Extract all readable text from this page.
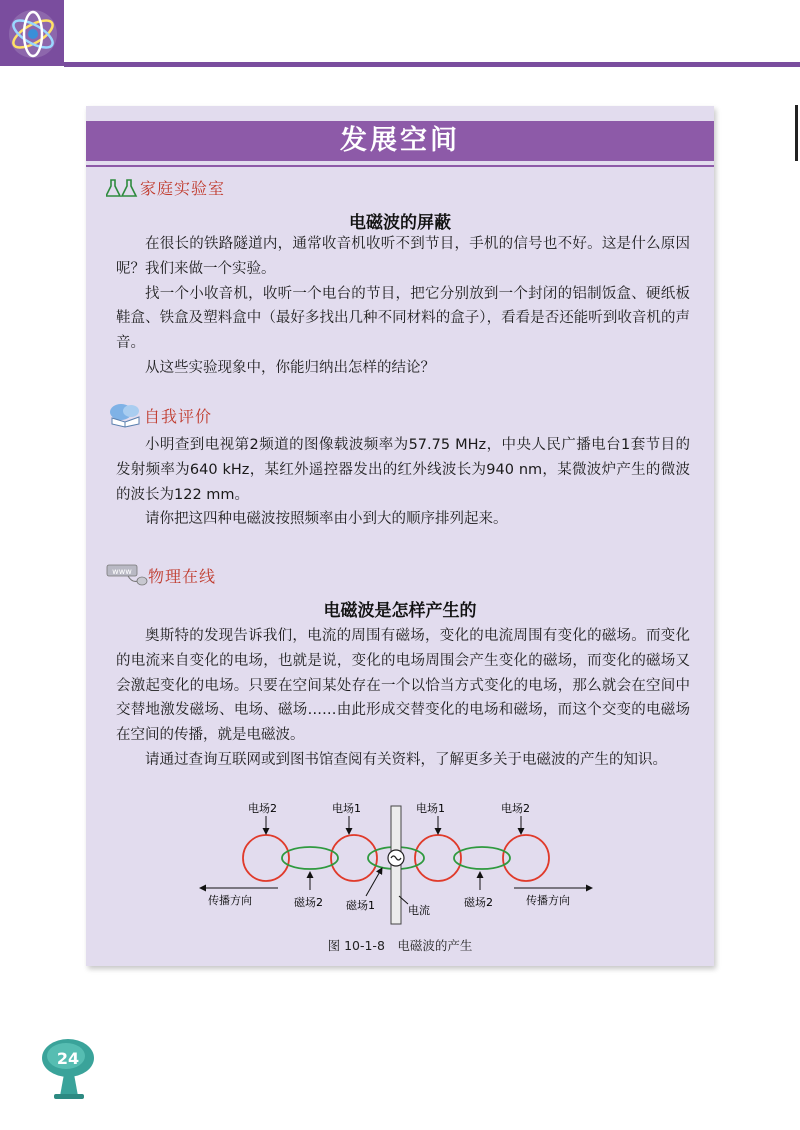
发展空间
家庭实验室
电磁波的屏蔽

在很长的铁路隧道内，通常收音机收听不到节目，手机的信号也不好。这是什么原因呢？我们来做一个实验。

找一个小收音机，收听一个电台的节目，把它分别放到一个封闭的铝制饭盒、硬纸板鞋盒、铁盒及塑料盒中（最好多找出几种不同材料的盒子），看看是否还能听到收音机的声音。

从这些实验现象中，你能归纳出怎样的结论？

自我评价

小明查到电视第2频道的图像载波频率为57.75 MHz，中央人民广播电台1套节目的发射频率为640 kHz，某红外遥控器发出的红外线波长为940 nm，某微波炉产生的微波的波长为122 mm。

请你把这四种电磁波按照频率由小到大的顺序排列起来。

www 物理在线
电磁波是怎样产生的

奥斯特的发现告诉我们，电流的周围有磁场，变化的电流周围有变化的磁场。而变化的电流来自变化的电场，也就是说，变化的电场周围会产生变化的磁场，而变化的磁场又会激起变化的电场。只要在空间某处存在一个以恰当方式变化的电场，那么就会在空间中交替地激发磁场、电场、磁场……由此形成交替变化的电场和磁场，而这个交变的电磁场在空间的传播，就是电磁波。

请通过查询互联网或到图书馆查阅有关资料，了解更多关于电磁波的产生的知识。

电场2	电场1	电场1	电场2
磁场2 磁场1	电流
磁场2
传播方向	传播方向
图 10-1-8　电磁波的产生
24
